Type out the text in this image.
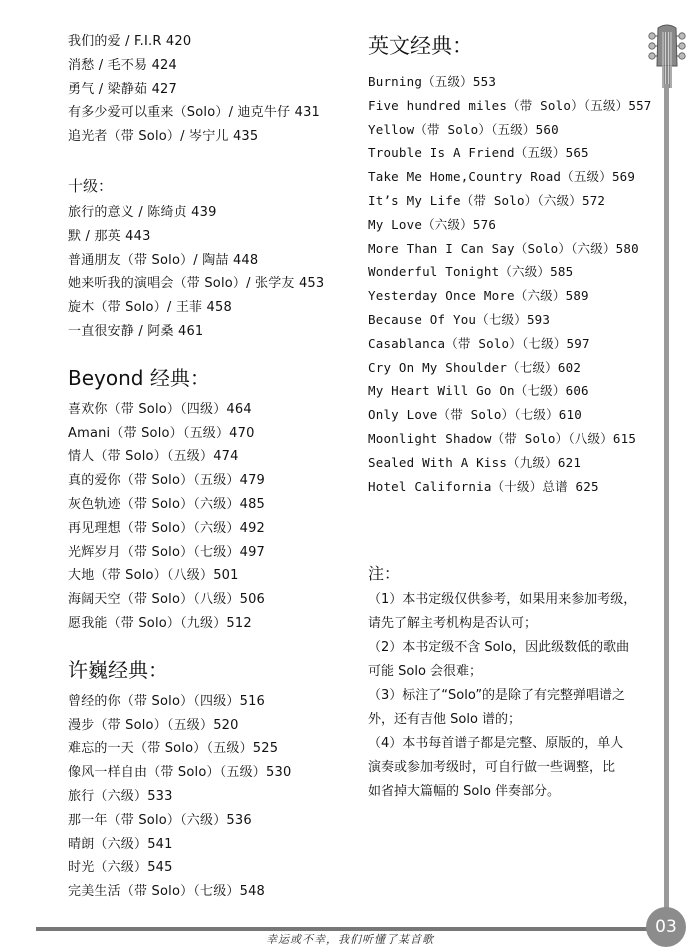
我们的爱 / F.I.R 420
消愁 / 毛不易 424
勇气 / 梁静茹 427
有多少爱可以重来（Solo）/ 迪克牛仔 431
追光者（带 Solo）/ 岑宁儿 435
十级：
旅行的意义 / 陈绮贞 439
默 / 那英 443
普通朋友（带 Solo）/ 陶喆 448
她来听我的演唱会（带 Solo）/ 张学友 453
旋木（带 Solo）/ 王菲 458
一直很安静 / 阿桑 461
Beyond 经典：
喜欢你（带 Solo）（四级）464
Amani（带 Solo）（五级）470
情人（带 Solo）（五级）474
真的爱你（带 Solo）（五级）479
灰色轨迹（带 Solo）（六级）485
再见理想（带 Solo）（六级）492
光辉岁月（带 Solo）（七级）497
大地（带 Solo）（八级）501
海阔天空（带 Solo）（八级）506
愿我能（带 Solo）（九级）512
许巍经典：
曾经的你（带 Solo）（四级）516
漫步（带 Solo）（五级）520
难忘的一天（带 Solo）（五级）525
像风一样自由（带 Solo）（五级）530
旅行（六级）533
那一年（带 Solo）（六级）536
晴朗（六级）541
时光（六级）545
完美生活（带 Solo）（七级）548
英文经典：
Burning（五级）553
Five hundred miles（带 Solo）（五级）557
Yellow（带 Solo）（五级）560
Trouble Is A Friend（五级）565
Take Me Home,Country Road（五级）569
It’s My Life（带 Solo）（六级）572
My Love（六级）576
More Than I Can Say（Solo）（六级）580
Wonderful Tonight（六级）585
Yesterday Once More（六级）589
Because Of You（七级）593
Casablanca（带 Solo）（七级）597
Cry On My Shoulder（七级）602
My Heart Will Go On（七级）606
Only Love（带 Solo）（七级）610
Moonlight Shadow（带 Solo）（八级）615
Sealed With A Kiss（九级）621
Hotel California（十级）总谱 625
注：
（1）本书定级仅供参考，如果用来参加考级，
请先了解主考机构是否认可；
（2）本书定级不含 Solo，因此级数低的歌曲
可能 Solo 会很难；
（3）标注了“Solo”的是除了有完整弹唱谱之
外，还有吉他 Solo 谱的；
（4）本书每首谱子都是完整、原版的，单人
演奏或参加考级时，可自行做一些调整，比
如省掉大篇幅的 Solo 伴奏部分。
03
幸运或不幸，我们听懂了某首歌
